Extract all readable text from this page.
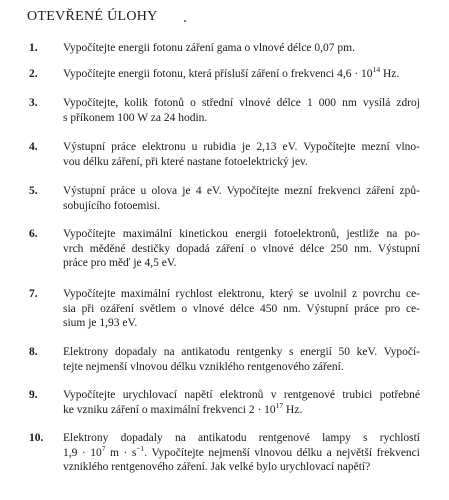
OTEVŘENÉ ÚLOHY
1. Vypočítejte energii fotonu záření gama o vlnové délce 0,07 pm.
2. Vypočítejte energii fotonu, která přísluší záření o frekvenci $4,6 \cdot 10^{14}$ Hz.
3. Vypočítejte, kolik fotonů o střední vlnové délce 1 000 nm vysílá zdroj
s příkonem 100 W za 24 hodin.
4. Výstupní práce elektronu u rubidia je 2,13 eV. Vypočítejte mezní vlno-
vou délku záření, při které nastane fotoelektrický jev.
5. Výstupní práce u olova je 4 eV. Vypočítejte mezní frekvenci záření způ-
sobujícího fotoemisi.
6. Vypočítejte maximální kinetickou energii fotoelektronů, jestliže na po-
vrch měděné destičky dopadá záření o vlnové délce 250 nm. Výstupní
práce pro měď je 4,5 eV.
7. Vypočítejte maximální rychlost elektronu, který se uvolnil z povrchu ce-
sia při ozáření světlem o vlnové délce 450 nm. Výstupní práce pro ce-
sium je 1,93 eV.
8. Elektrony dopadaly na antikatodu rentgenky s energií 50 keV. Vypočí-
tejte nejmenší vlnovou délku vzniklého rentgenového záření.
9. Vypočítejte urychlovací napětí elektronů v rentgenové trubici potřebné
ke vzniku záření o maximální frekvenci $2 \cdot 10^{17}$ Hz.
10. Elektrony dopadaly na antikatodu rentgenové lampy s rychlostí
$1,9 \cdot 10^7$ $m \cdot s^{-1}$. Vypočítejte nejmenší vlnovou délku a největší frekvenci
vzniklého rentgenového záření. Jak velké bylo urychlovací napětí?
